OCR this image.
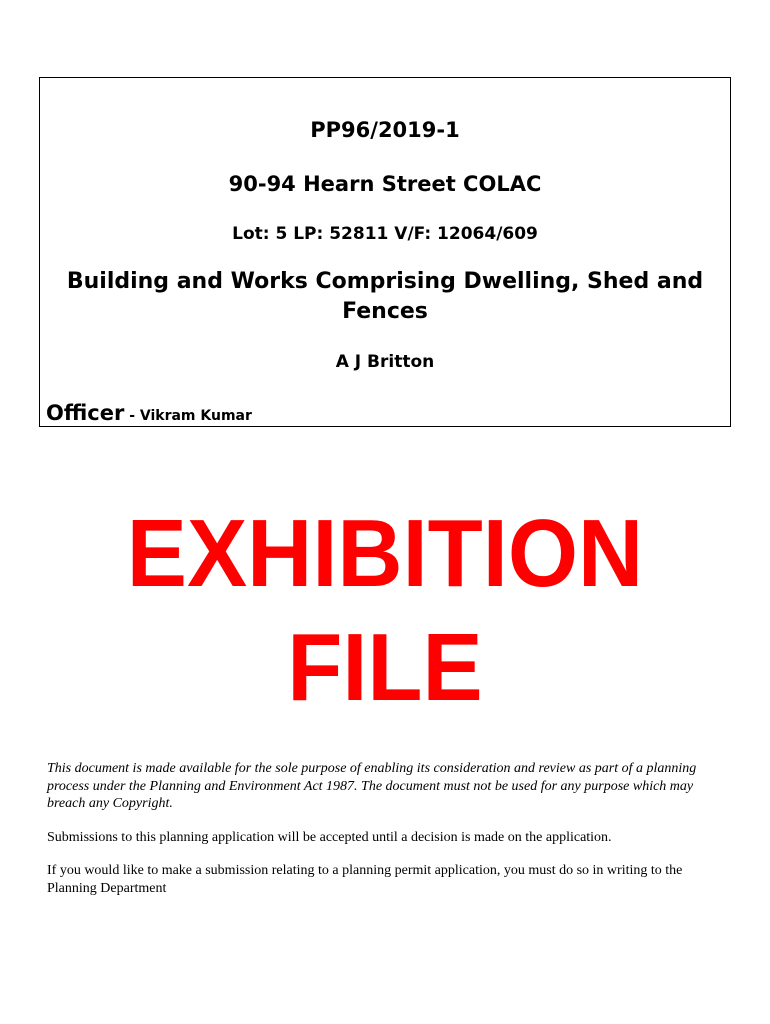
PP96/2019-1
90-94 Hearn Street COLAC
Lot: 5 LP: 52811 V/F: 12064/609
Building and Works Comprising Dwelling, Shed and Fences
A J Britton
Officer - Vikram Kumar
EXHIBITION
FILE

This document is made available for the sole purpose of enabling its consideration and review as part of a planning process under the Planning and Environment Act 1987. The document must not be used for any purpose which may breach any Copyright.

Submissions to this planning application will be accepted until a decision is made on the application.

If you would like to make a submission relating to a planning permit application, you must do so in writing to the Planning Department
